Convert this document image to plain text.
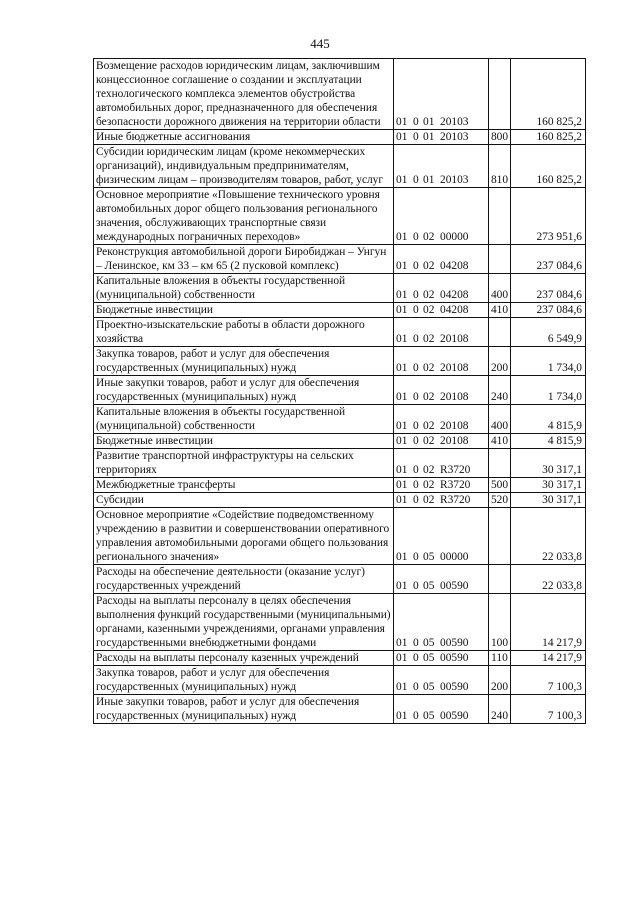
445
Возмещение расходов юридическим лицам, заключившим концессионное соглашение о создании и эксплуатации технологического комплекса элементов обустройства автомобильных дорог, предназначенного для обеспечения безопасности дорожного движения на территории области	01 0 01 20103		160 825,2
Иные бюджетные ассигнования	01 0 01 20103	800	160 825,2
Субсидии юридическим лицам (кроме некоммерческих организаций), индивидуальным предпринимателям, физическим лицам – производителям товаров, работ, услуг	01 0 01 20103	810	160 825,2
Основное мероприятие «Повышение технического уровня автомобильных дорог общего пользования регионального значения, обслуживающих транспортные связи международных пограничных переходов»	01 0 02 00000		273 951,6
Реконструкция автомобильной дороги Биробиджан – Унгун – Ленинское, км 33 – км 65 (2 пусковой комплекс)	01 0 02 04208		237 084,6
Капитальные вложения в объекты государственной (муниципальной) собственности	01 0 02 04208	400	237 084,6
Бюджетные инвестиции	01 0 02 04208	410	237 084,6
Проектно-изыскательские работы в области дорожного хозяйства	01 0 02 20108		6 549,9
Закупка товаров, работ и услуг для обеспечения государственных (муниципальных) нужд	01 0 02 20108	200	1 734,0
Иные закупки товаров, работ и услуг для обеспечения государственных (муниципальных) нужд	01 0 02 20108	240	1 734,0
Капитальные вложения в объекты государственной (муниципальной) собственности	01 0 02 20108	400	4 815,9
Бюджетные инвестиции	01 0 02 20108	410	4 815,9
Развитие транспортной инфраструктуры на сельских территориях	01 0 02 R3720		30 317,1
Межбюджетные трансферты	01 0 02 R3720	500	30 317,1
Субсидии	01 0 02 R3720	520	30 317,1
Основное мероприятие «Содействие подведомственному учреждению в развитии и совершенствовании оперативного управления автомобильными дорогами общего пользования регионального значения»	01 0 05 00000		22 033,8
Расходы на обеспечение деятельности (оказание услуг) государственных учреждений	01 0 05 00590		22 033,8
Расходы на выплаты персоналу в целях обеспечения выполнения функций государственными (муниципальными) органами, казенными учреждениями, органами управления государственными внебюджетными фондами	01 0 05 00590	100	14 217,9
Расходы на выплаты персоналу казенных учреждений	01 0 05 00590	110	14 217,9
Закупка товаров, работ и услуг для обеспечения государственных (муниципальных) нужд	01 0 05 00590	200	7 100,3
Иные закупки товаров, работ и услуг для обеспечения государственных (муниципальных) нужд	01 0 05 00590	240	7 100,3
